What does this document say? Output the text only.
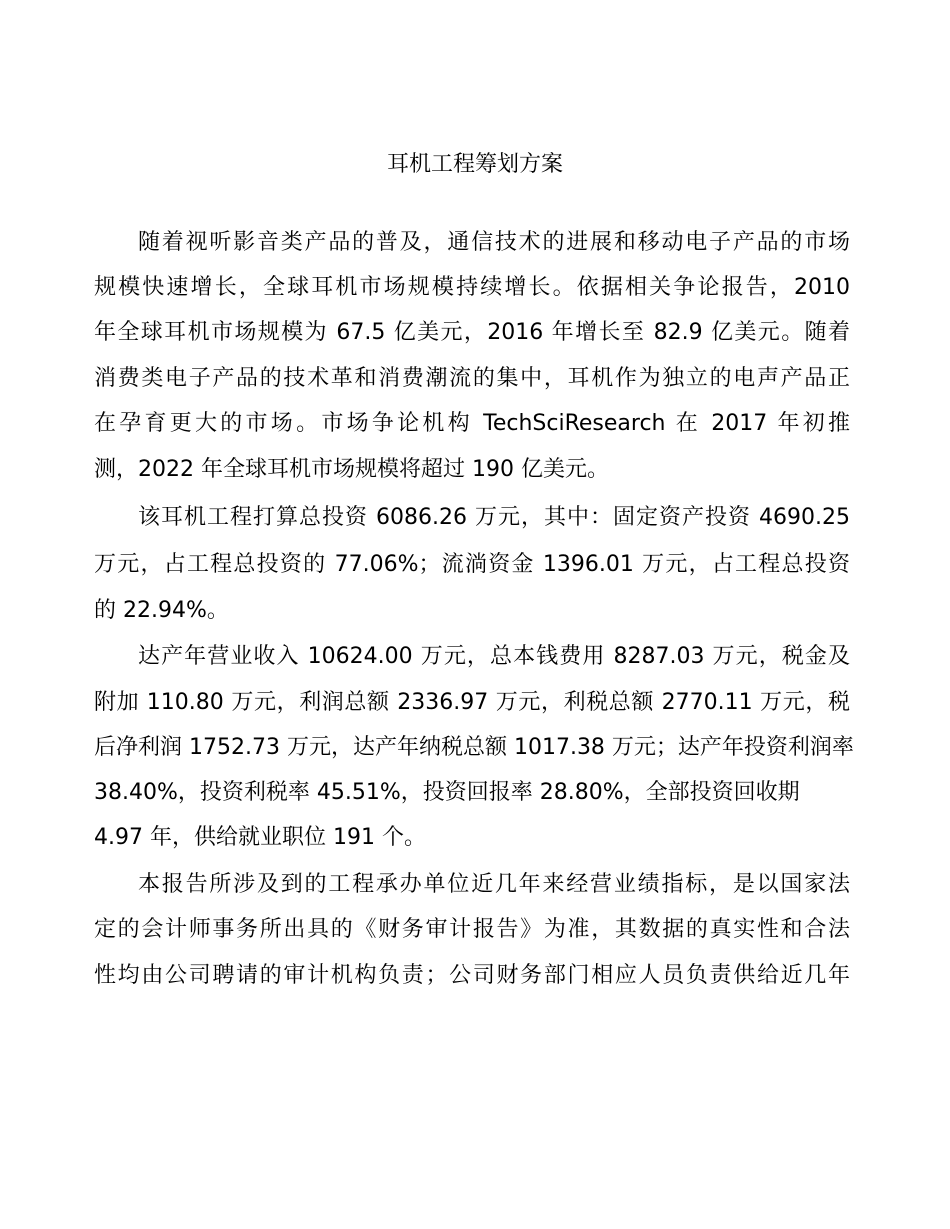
耳机工程筹划方案

随着视听影音类产品的普及，通信技术的进展和移动电子产品的市场

规模快速增长，全球耳机市场规模持续增长。依据相关争论报告，2010

年全球耳机市场规模为 67.5 亿美元，2016 年增长至 82.9 亿美元。随着

消费类电子产品的技术革和消费潮流的集中，耳机作为独立的电声产品正

在孕育更大的市场。市场争论机构 TechSciResearch 在 2017 年初推

测，2022 年全球耳机市场规模将超过 190 亿美元。

该耳机工程打算总投资 6086.26 万元，其中：固定资产投资 4690.25

万元，占工程总投资的 77.06%；流淌资金 1396.01 万元，占工程总投资

的 22.94%。

达产年营业收入 10624.00 万元，总本钱费用 8287.03 万元，税金及

附加 110.80 万元，利润总额 2336.97 万元，利税总额 2770.11 万元，税

后净利润 1752.73 万元，达产年纳税总额 1017.38 万元；达产年投资利润率

38.40%，投资利税率 45.51%，投资回报率 28.80%，全部投资回收期

4.97 年，供给就业职位 191 个。

本报告所涉及到的工程承办单位近几年来经营业绩指标，是以国家法

定的会计师事务所出具的《财务审计报告》为准，其数据的真实性和合法

性均由公司聘请的审计机构负责；公司财务部门相应人员负责供给近几年
